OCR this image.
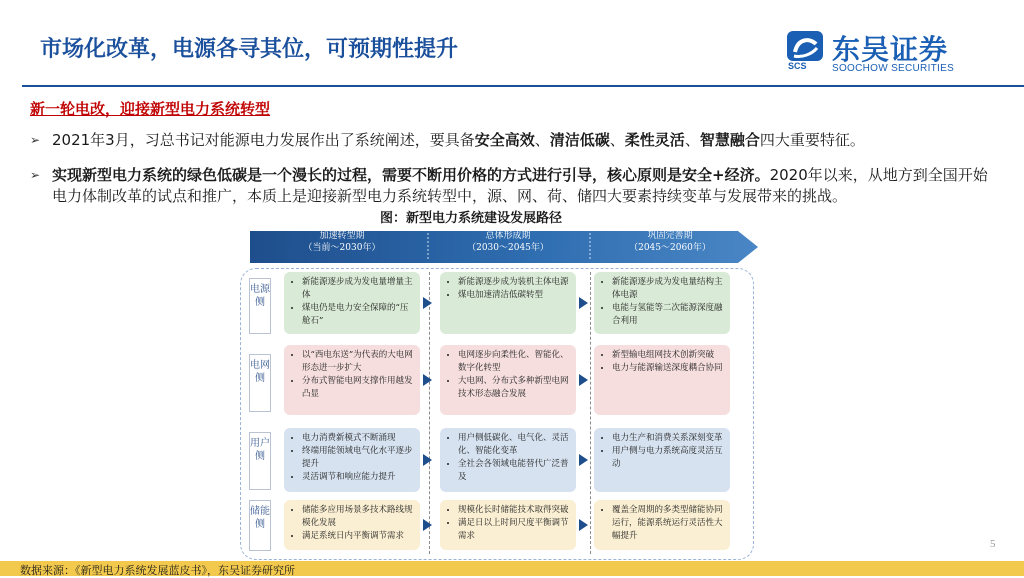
市场化改革，电源各寻其位，可预期性提升
SCS 东吴证券
SOOCHOW SECURITIES
新一轮电改，迎接新型电力系统转型
➢ 2021年3月，习总书记对能源电力发展作出了系统阐述，要具备安全高效、清洁低碳、柔性灵活、智慧融合四大重要特征。
➢ 实现新型电力系统的绿色低碳是一个漫长的过程，需要不断用价格的方式进行引导，核心原则是安全+经济。2020年以来，从地方到全国开始电力体制改革的试点和推广，本质上是迎接新型电力系统转型中，源、网、荷、储四大要素持续变革与发展带来的挑战。
图：新型电力系统建设发展路径
加速转型期
（当前～2030年）
总体形成期
（2030～2045年）
巩固完善期
（2045～2060年）
电源侧
电网侧
用户侧
储能侧
• 新能源逐步成为发电量增量主体
• 煤电仍是电力安全保障的“压舱石”
• 新能源逐步成为装机主体电源
• 煤电加速清洁低碳转型
• 新能源逐步成为发电量结构主体电源
• 电能与氢能等二次能源深度融合利用
• 以“西电东送”为代表的大电网形态进一步扩大
• 分布式智能电网支撑作用越发凸显
• 电网逐步向柔性化、智能化、数字化转型
• 大电网、分布式多种新型电网技术形态融合发展
• 新型输电组网技术创新突破
• 电力与能源输送深度耦合协同
• 电力消费新模式不断涌现
• 终端用能领域电气化水平逐步提升
• 灵活调节和响应能力提升
• 用户侧低碳化、电气化、灵活化、智能化变革
• 全社会各领域电能替代广泛普及
• 电力生产和消费关系深刻变革
• 用户侧与电力系统高度灵活互动
• 储能多应用场景多技术路线规模化发展
• 满足系统日内平衡调节需求
• 规模化长时储能技术取得突破
• 满足日以上时间尺度平衡调节需求
• 覆盖全周期的多类型储能协同运行，能源系统运行灵活性大幅提升
5
数据来源：《新型电力系统发展蓝皮书》，东吴证券研究所
